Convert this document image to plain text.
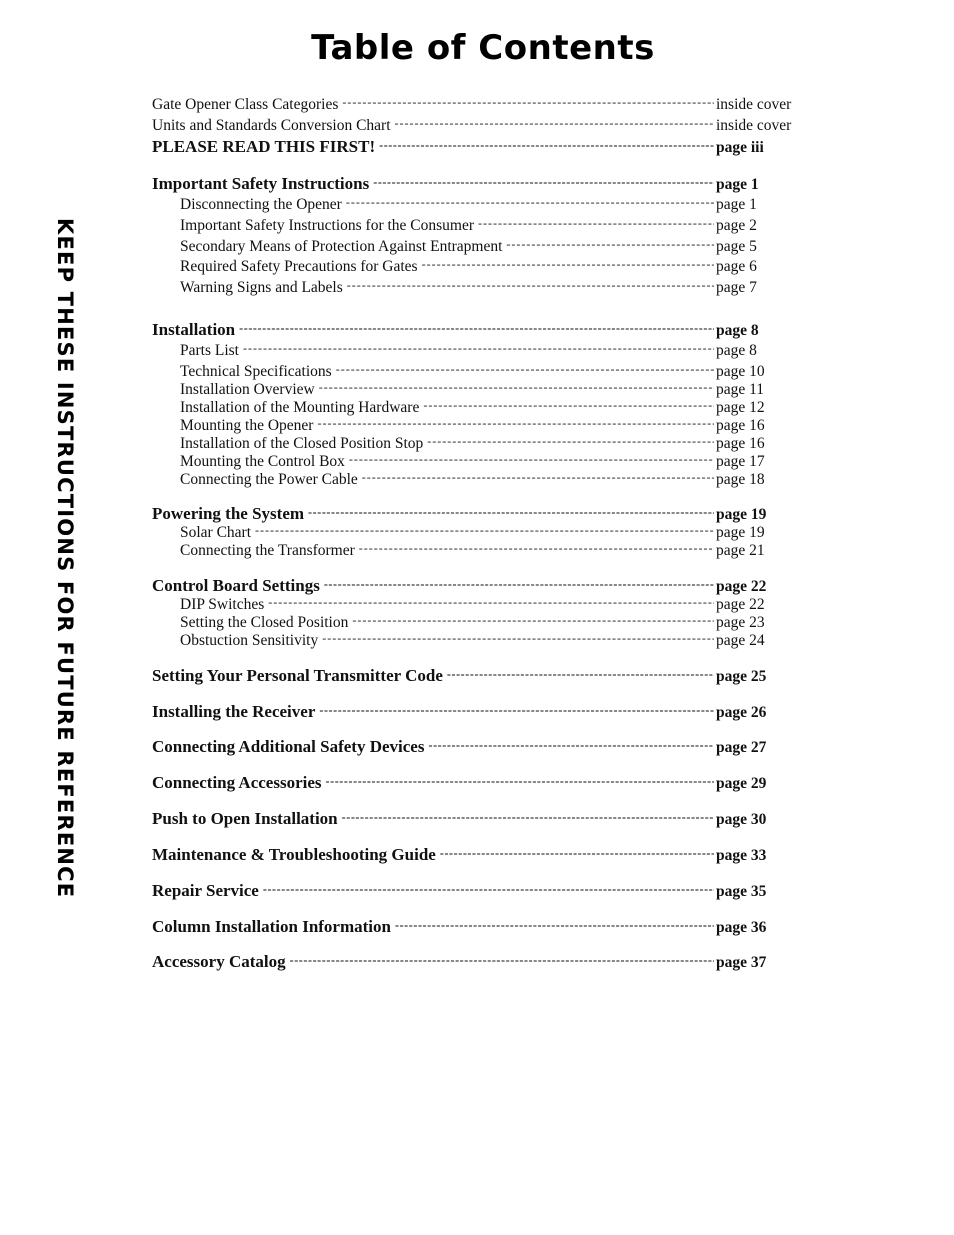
Table of Contents
KEEP THESE INSTRUCTIONS FOR FUTURE REFERENCE
Gate Opener Class Categories - - -	inside cover
Units and Standards Conversion Chart - - -	inside cover
PLEASE READ THIS FIRST! - - -	page iii
Important Safety Instructions - - -	page 1
Disconnecting the Opener - - -	page 1
Important Safety Instructions for the Consumer - - -	page 2
Secondary Means of Protection Against Entrapment - - -	page 5
Required Safety Precautions for Gates - - -	page 6
Warning Signs and Labels - - -	page 7
Installation - - -	page 8
Parts List - - -	page 8
Technical Specifications - - -	page 10
Installation Overview - - -	page 11
Installation of the Mounting Hardware - - -	page 12
Mounting the Opener - - -	page 16
Installation of the Closed Position Stop - - -	page 16
Mounting the Control Box - - -	page 17
Connecting the Power Cable - - -	page 18
Powering the System - - -	page 19
Solar Chart - - -	page 19
Connecting the Transformer - - -	page 21
Control Board Settings - - -	page 22
DIP Switches - - -	page 22
Setting the Closed Position - - -	page 23
Obstuction Sensitivity - - -	page 24
Setting Your Personal Transmitter Code - - -	page 25
Installing the Receiver - - -	page 26
Connecting Additional Safety Devices - - -	page 27
Connecting Accessories - - -	page 29
Push to Open Installation - - -	page 30
Maintenance & Troubleshooting Guide - - -	page 33
Repair Service - - -	page 35
Column Installation Information - - -	page 36
Accessory Catalog - - -	page 37
